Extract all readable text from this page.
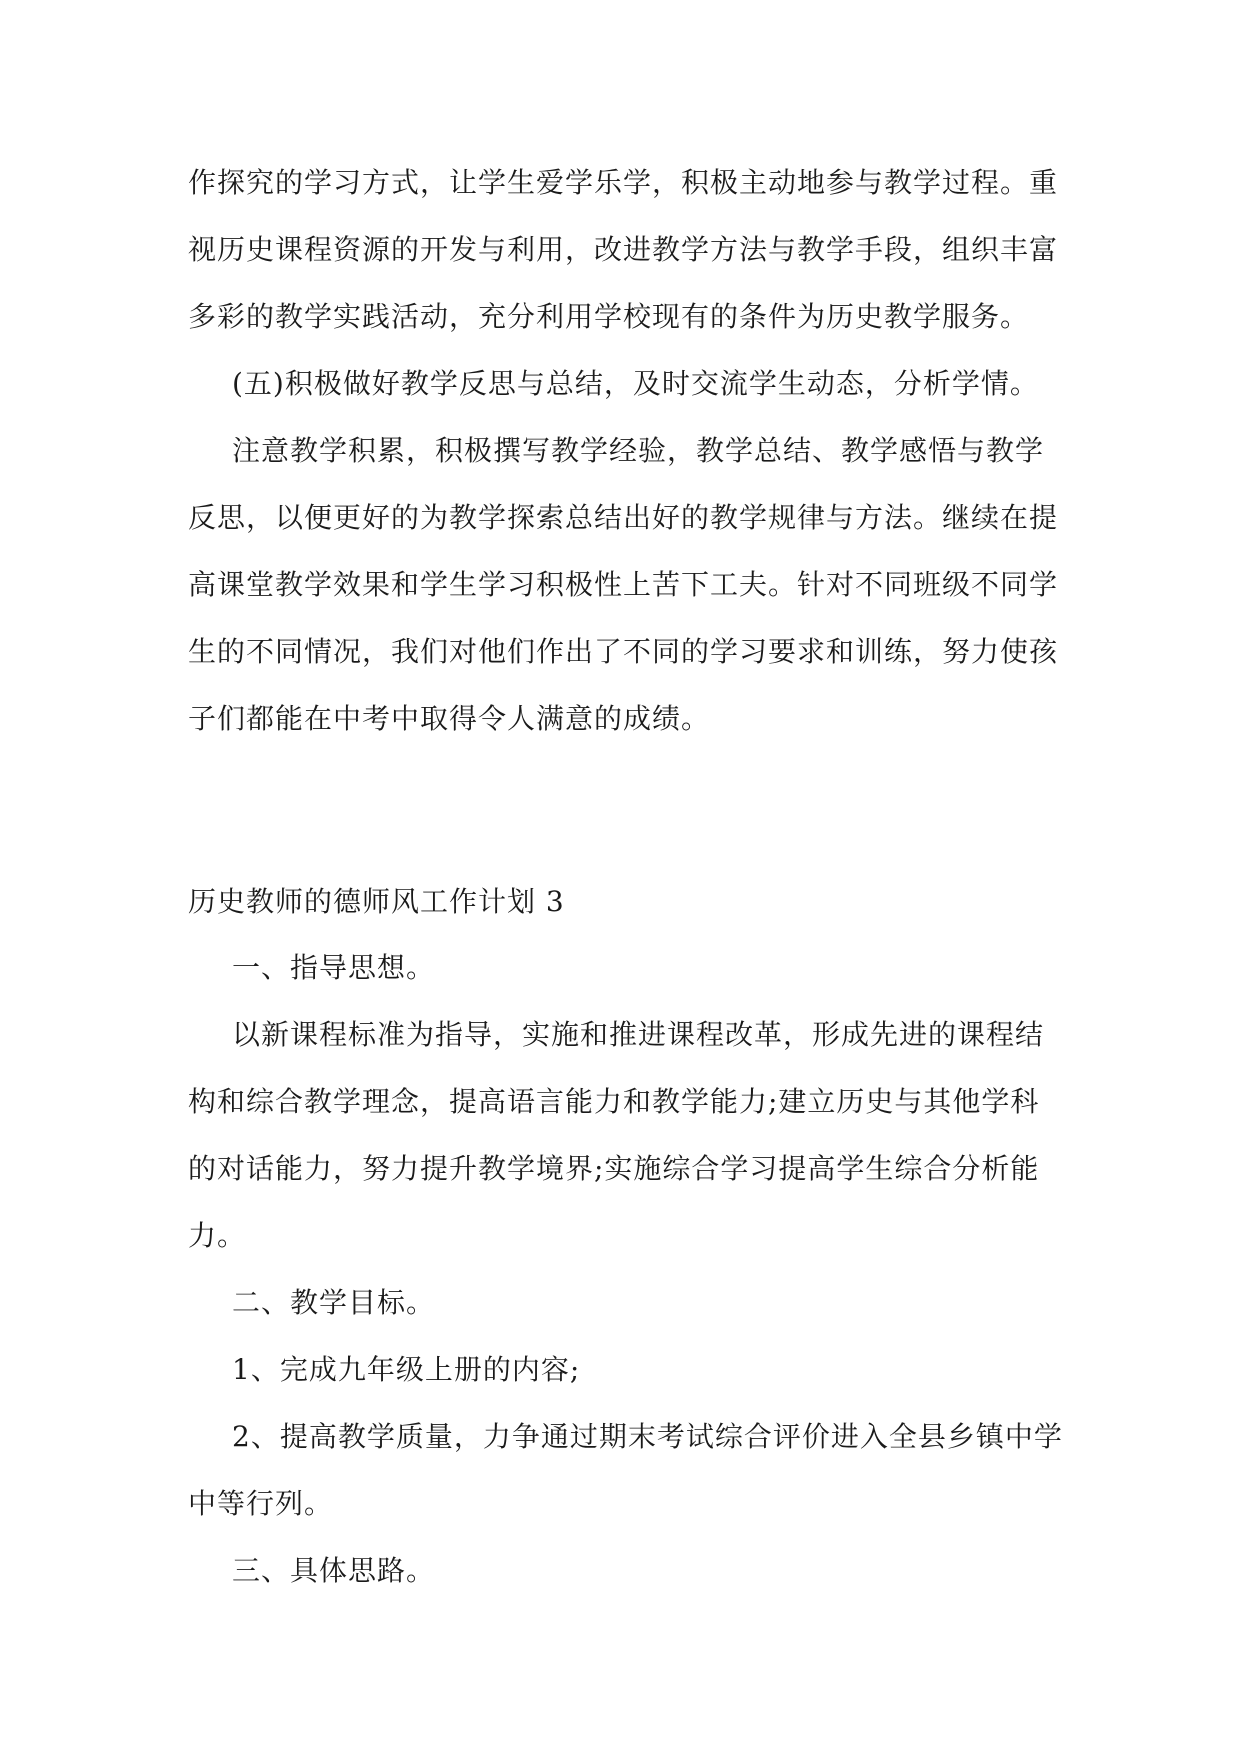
作探究的学习方式，让学生爱学乐学，积极主动地参与教学过程。重
视历史课程资源的开发与利用，改进教学方法与教学手段，组织丰富
多彩的教学实践活动，充分利用学校现有的条件为历史教学服务。
(五)积极做好教学反思与总结，及时交流学生动态，分析学情。
注意教学积累，积极撰写教学经验，教学总结、教学感悟与教学
反思，以便更好的为教学探索总结出好的教学规律与方法。继续在提
高课堂教学效果和学生学习积极性上苦下工夫。针对不同班级不同学
生的不同情况，我们对他们作出了不同的学习要求和训练，努力使孩
子们都能在中考中取得令人满意的成绩。
历史教师的德师风工作计划 3
一、指导思想。
以新课程标准为指导，实施和推进课程改革，形成先进的课程结
构和综合教学理念，提高语言能力和教学能力;建立历史与其他学科
的对话能力，努力提升教学境界;实施综合学习提高学生综合分析能
力。
二、教学目标。
1、完成九年级上册的内容;
2、提高教学质量，力争通过期末考试综合评价进入全县乡镇中学
中等行列。
三、具体思路。
